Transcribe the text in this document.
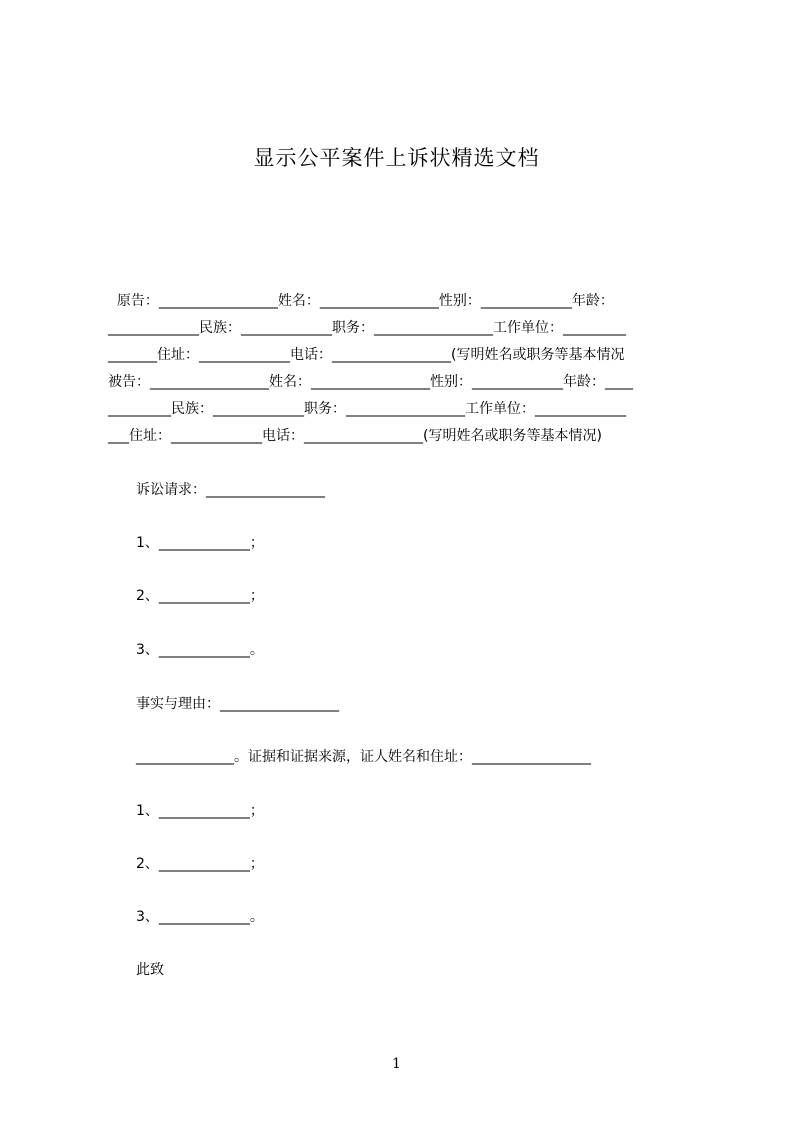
显示公平案件上诉状精选文档
原告：_________________姓名：_________________性别：_____________年龄：
_____________民族：_____________职务：_________________工作单位：_________
_______住址：_____________电话：_________________(写明姓名或职务等基本情况
被告：_________________姓名：_________________性别：_____________年龄：____
_________民族：_____________职务：_________________工作单位：_____________
___住址：_____________电话：_________________(写明姓名或职务等基本情况)
诉讼请求：_________________
1、_____________；
2、_____________；
3、_____________。
事实与理由：_________________
______________。证据和证据来源，证人姓名和住址：_________________
1、_____________；
2、_____________；
3、_____________。
此致
1
